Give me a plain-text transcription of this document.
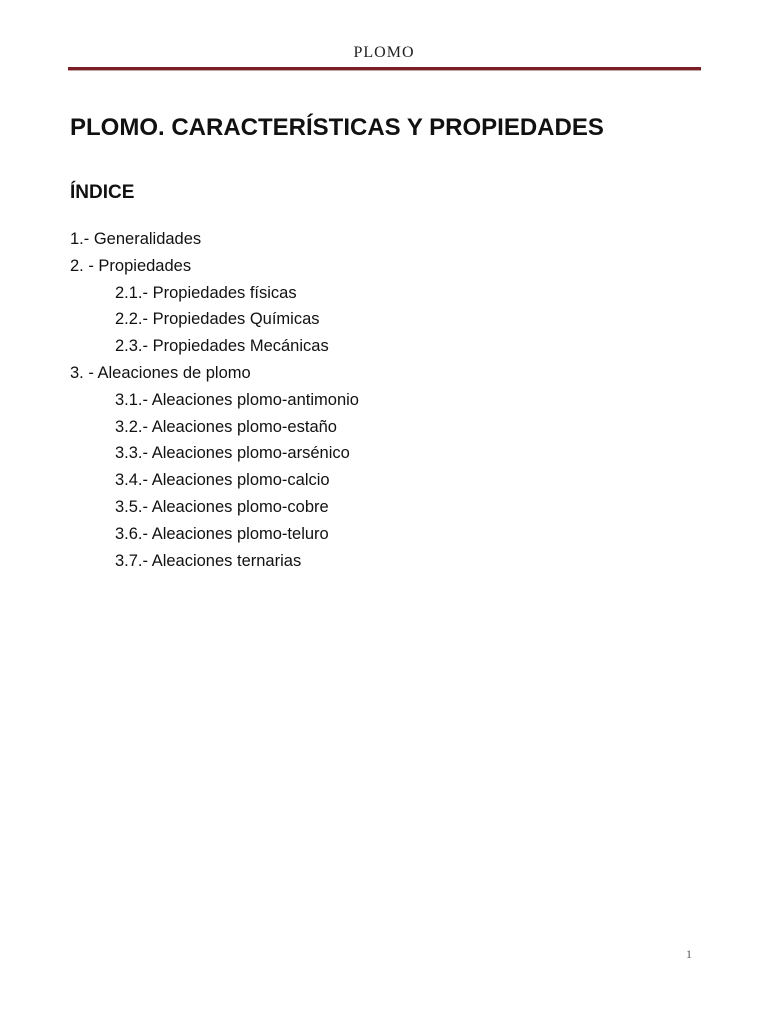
PLOMO
PLOMO. CARACTERÍSTICAS Y PROPIEDADES
ÍNDICE
1.- Generalidades
2. - Propiedades
2.1.- Propiedades físicas
2.2.- Propiedades Químicas
2.3.- Propiedades Mecánicas
3. - Aleaciones de plomo
3.1.- Aleaciones plomo-antimonio
3.2.- Aleaciones plomo-estaño
3.3.- Aleaciones plomo-arsénico
3.4.- Aleaciones plomo-calcio
3.5.- Aleaciones plomo-cobre
3.6.- Aleaciones plomo-teluro
3.7.- Aleaciones ternarias
1
